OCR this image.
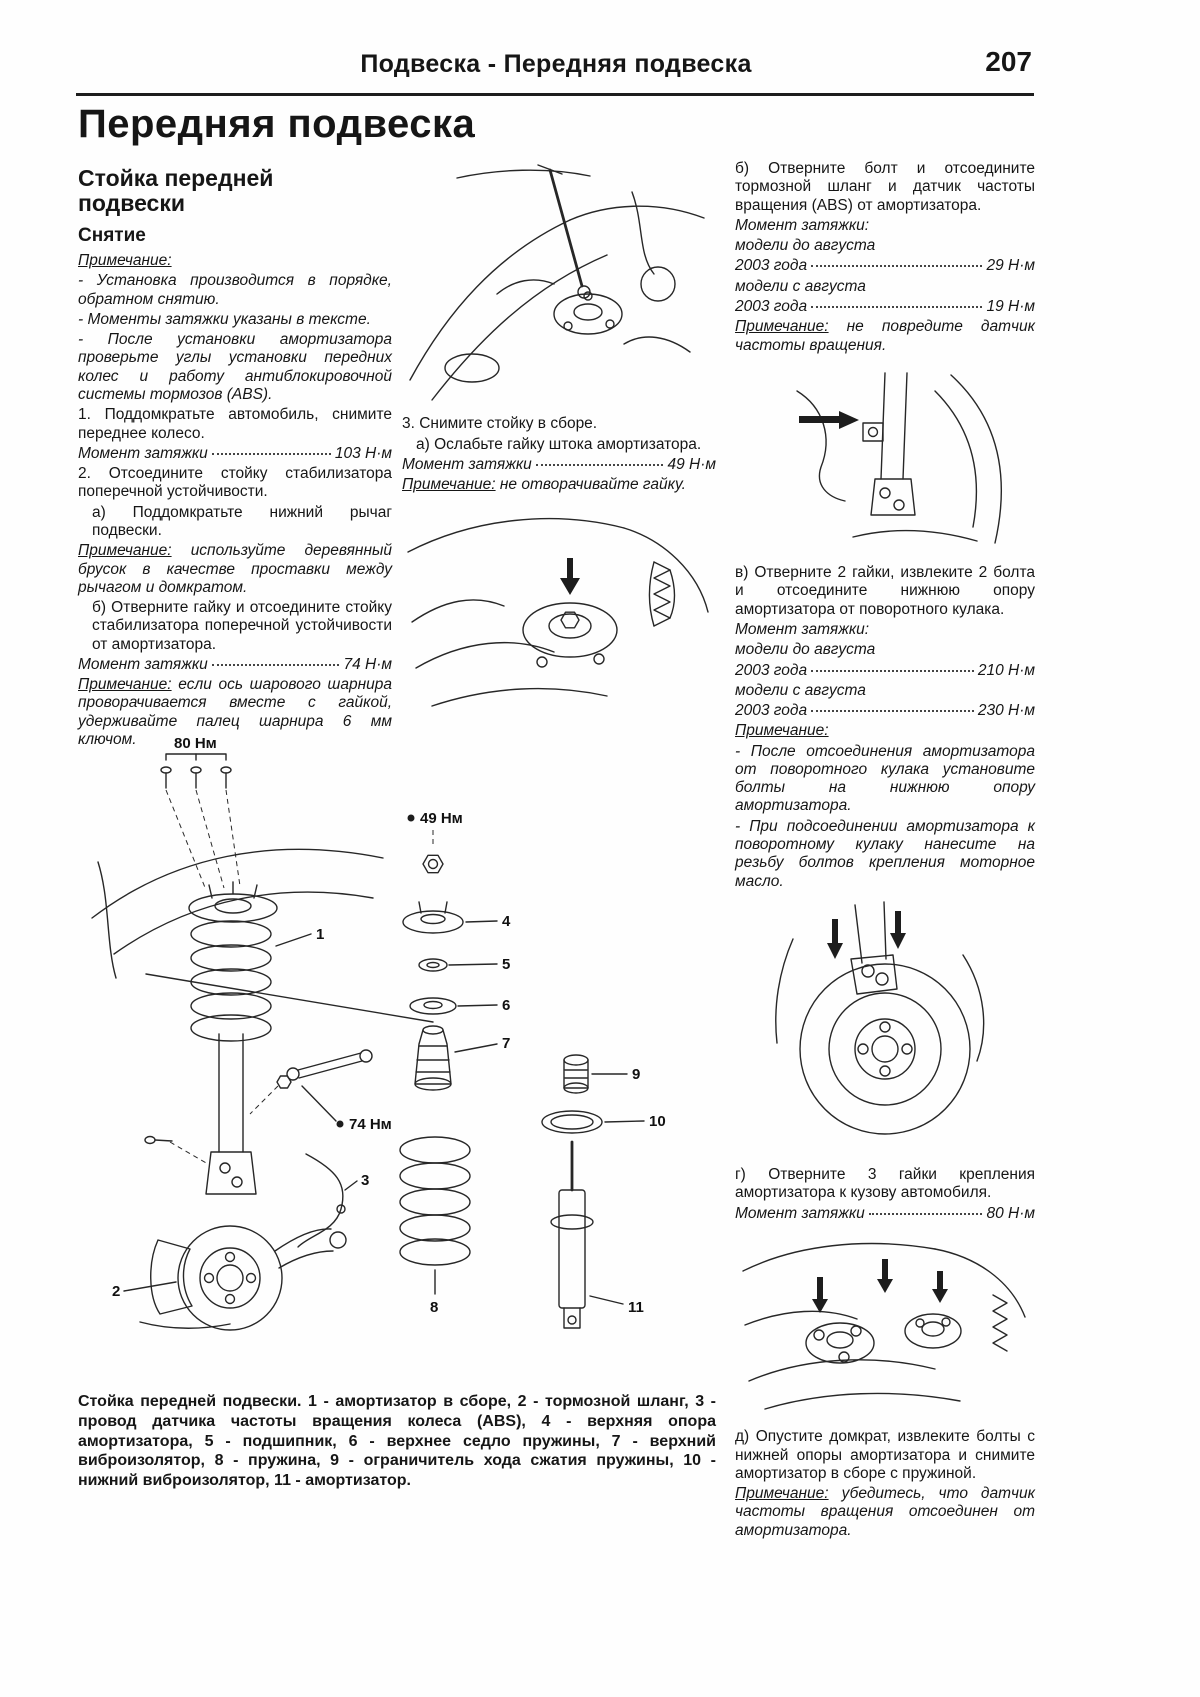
Подвеска - Передняя подвеска	207
Передняя подвеска
Стойка передней подвески
Снятие

Примечание:

- Установка производится в порядке, обратном снятию.

- Моменты затяжки указаны в тексте.

- После установки амортизатора проверьте углы установки передних колес и работу антиблокировочной системы тормозов (ABS).

1. Поддомкратьте автомобиль, снимите переднее колесо.

Момент затяжки	103 Н·м

2. Отсоедините стойку стабилизатора поперечной устойчивости.

а) Поддомкратьте нижний рычаг подвески.

Примечание: используйте деревянный брусок в качестве проставки между рычагом и домкратом.

б) Отверните гайку и отсоедините стойку стабилизатора поперечной устойчивости от амортизатора.

Момент затяжки	74 Н·м

Примечание: если ось шарового шарнира проворачивается вместе с гайкой, удерживайте палец шарнира 6 мм ключом.

3. Снимите стойку в сборе.

а) Ослабьте гайку штока амортизатора.

Момент затяжки	49 Н·м

Примечание: не отворачивайте гайку.

б) Отверните болт и отсоедините тормозной шланг и датчик частоты вращения (ABS) от амортизатора.

Момент затяжки:

модели до августа

2003 года	29 Н·м

модели с августа

2003 года	19 Н·м

Примечание: не повредите датчик частоты вращения.

в) Отверните 2 гайки, извлеките 2 болта и отсоедините нижнюю опору амортизатора от поворотного кулака.

Момент затяжки:

модели до августа

2003 года	210 Н·м

модели с августа

2003 года	230 Н·м

Примечание:

- После отсоединения амортизатора от поворотного кулака установите болты на нижнюю опору амортизатора.

- При подсоединении амортизатора к поворотному кулаку нанесите на резьбу болтов крепления моторное масло.

г) Отверните 3 гайки крепления амортизатора к кузову автомобиля.

Момент затяжки	80 Н·м

д) Опустите домкрат, извлеките болты с нижней опоры амортизатора и снимите амортизатор в сборе с пружиной.

Примечание: убедитесь, что датчик частоты вращения отсоединен от амортизатора.

80 Нм
1
74 Нм
3
2
49 Нм
4
5
6
7
8
9
10
11
Стойка передней подвески. 1 - амортизатор в сборе, 2 - тормозной шланг, 3 - провод датчика частоты вращения колеса (ABS), 4 - верхняя опора амортизатора, 5 - подшипник, 6 - верхнее седло пружины, 7 - верхний виброизолятор, 8 - пружина, 9 - ограничитель хода сжатия пружины, 10 - нижний виброизолятор, 11 - амортизатор.
